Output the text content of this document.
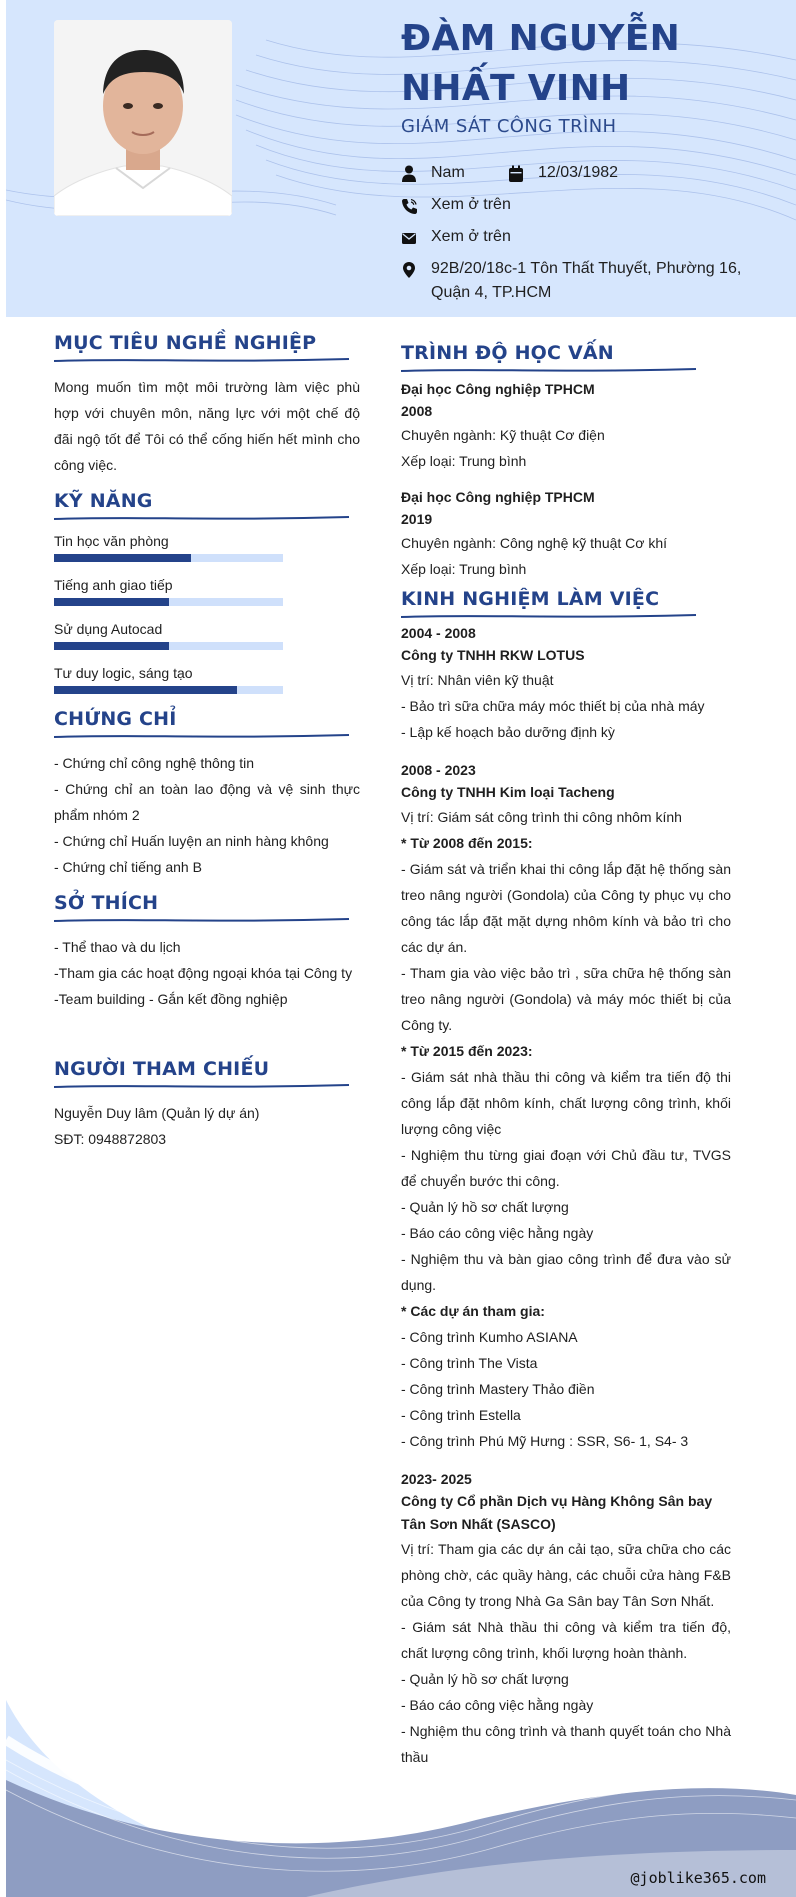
ĐÀM NGUYỄN NHẤT VINH
GIÁM SÁT CÔNG TRÌNH
Nam	12/03/1982
Xem ở trên
Xem ở trên
92B/20/18c-1 Tôn Thất Thuyết, Phường 16, Quận 4, TP.HCM
MỤC TIÊU NGHỀ NGHIỆP
Mong muốn tìm một môi trường làm việc phù hợp với chuyên môn, năng lực với một chế độ đãi ngộ tốt để Tôi có thể cống hiến hết mình cho công việc.
KỸ NĂNG
Tin học văn phòng
Tiếng anh giao tiếp
Sử dụng Autocad
Tư duy logic, sáng tạo
CHỨNG CHỈ
- Chứng chỉ công nghệ thông tin
- Chứng chỉ an toàn lao động và vệ sinh thực phẩm nhóm 2
- Chứng chỉ Huấn luyện an ninh hàng không
- Chứng chỉ tiếng anh B
SỞ THÍCH
- Thể thao và du lịch
-Tham gia các hoạt động ngoại khóa tại Công ty
-Team building - Gắn kết đồng nghiệp
NGƯỜI THAM CHIẾU
Nguyễn Duy lâm (Quản lý dự án)
SĐT: 0948872803
TRÌNH ĐỘ HỌC VẤN
Đại học Công nghiệp TPHCM
2008
Chuyên ngành: Kỹ thuật Cơ điện
Xếp loại: Trung bình
Đại học Công nghiệp TPHCM
2019
Chuyên ngành: Công nghệ kỹ thuật Cơ khí
Xếp loại: Trung bình
KINH NGHIỆM LÀM VIỆC
2004 - 2008
Công ty TNHH RKW LOTUS
Vị trí: Nhân viên kỹ thuật
- Bảo trì sữa chữa máy móc thiết bị của nhà máy
- Lập kế hoạch bảo dưỡng định kỳ
2008 - 2023
Công ty TNHH Kim loại Tacheng
Vị trí: Giám sát công trình thi công nhôm kính
* Từ 2008 đến 2015:
- Giám sát và triển khai thi công lắp đặt hệ thống sàn treo nâng người (Gondola) của Công ty phục vụ cho công tác lắp đặt mặt dựng nhôm kính và bảo trì cho các dự án.
- Tham gia vào việc bảo trì , sữa chữa hệ thống sàn treo nâng người (Gondola) và máy móc thiết bị của Công ty.
* Từ 2015 đến 2023:
- Giám sát nhà thầu thi công và kiểm tra tiến độ thi công lắp đặt nhôm kính, chất lượng công trình, khối lượng công việc
- Nghiệm thu từng giai đoạn với Chủ đầu tư, TVGS để chuyển bước thi công.
- Quản lý hồ sơ chất lượng
- Báo cáo công việc hằng ngày
- Nghiệm thu và bàn giao công trình để đưa vào sử dụng.
* Các dự án tham gia:
- Công trình Kumho ASIANA
- Công trình The Vista
- Công trình Mastery Thảo điền
- Công trình Estella
- Công trình Phú Mỹ Hưng : SSR, S6- 1, S4- 3
2023- 2025
Công ty Cổ phần Dịch vụ Hàng Không Sân bay Tân Sơn Nhất (SASCO)
Vị trí: Tham gia các dự án cải tạo, sữa chữa cho các phòng chờ, các quầy hàng, các chuỗi cửa hàng F&B của Công ty trong Nhà Ga Sân bay Tân Sơn Nhất.
- Giám sát Nhà thầu thi công và kiểm tra tiến độ, chất lượng công trình, khối lượng hoàn thành.
- Quản lý hồ sơ chất lượng
- Báo cáo công việc hằng ngày
- Nghiệm thu công trình và thanh quyết toán cho Nhà thầu
@joblike365.com
